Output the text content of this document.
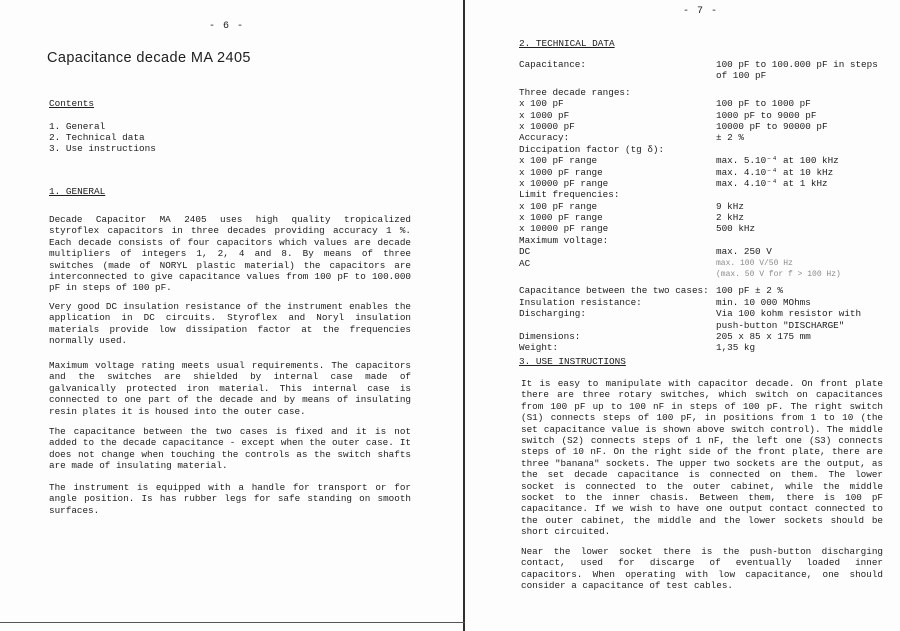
- 6 -
Capacitance decade MA 2405
Contents
1. General
2. Technical data
3. Use instructions
1. GENERAL

Decade Capacitor MA 2405 uses high quality tropicalized styroflex capacitors in three decades providing accuracy 1 %. Each decade consists of four capacitors which values are decade multipliers of integers 1, 2, 4 and 8. By means of three switches (made of NORYL plastic material) the capacitors are interconnected to give capacitance values from 100 pF to 100.000 pF in steps of 100 pF.

Very good DC insulation resistance of the instrument enables the application in DC circuits. Styroflex and Noryl insulation materials provide low dissipation factor at the frequencies normally used.

Maximum voltage rating meets usual requirements. The capacitors and the switches are shielded by internal case made of galvanically protected iron material. This internal case is connected to one part of the decade and by means of insulating resin plates it is housed into the outer case.

The capacitance between the two cases is fixed and it is not added to the decade capacitance - except when the outer case. It does not change when touching the controls as the switch shafts are made of insulating material.

The instrument is equipped with a handle for transport or for angle position. Is has rubber legs for safe standing on smooth surfaces.

- 7 -
2. TECHNICAL DATA
Capacitance:	100 pF to 100.000 pF in steps
of 100 pF
Three decade ranges:
x 100 pF	100 pF to 1000 pF
x 1000 pF	1000 pF to 9000 pF
x 10000 pF	10000 pF to 90000 pF
Accuracy:	± 2 %
Diccipation factor (tg δ):
x 100 pF range	max. 5.10⁻⁴ at 100 kHz
x 1000 pF range	max. 4.10⁻⁴ at 10 kHz
x 10000 pF range	max. 4.10⁻⁴ at 1 kHz
Limit frequencies:
x 100 pF range	9 kHz
x 1000 pF range	2 kHz
x 10000 pF range	500 kHz
Maximum voltage:
DC	max. 250 V
AC	max. 100 V/50 Hz
(max. 50 V for f > 100 Hz)
Capacitance between the two cases: 100 pF ± 2 %
Insulation resistance:	min. 10 000 MOhms
Discharging:	Via 100 kohm resistor with
push-button "DISCHARGE"
Dimensions:	205 x 85 x 175 mm
Weight:	1,35 kg
3. USE INSTRUCTIONS

It is easy to manipulate with capacitor decade. On front plate there are three rotary switches, which switch on capacitances from 100 pF up to 100 nF in steps of 100 pF. The right switch (S1) connects steps of 100 pF, in positions from 1 to 10 (the set capacitance value is shown above switch control). The middle switch (S2) connects steps of 1 nF, the left one (S3) connects steps of 10 nF. On the right side of the front plate, there are three "banana" sockets. The upper two sockets are the output, as the set decade capacitance is connected on them. The lower socket is connected to the outer cabinet, while the middle socket to the inner chasis. Between them, there is 100 pF capacitance. If we wish to have one output contact connected to the outer cabinet, the middle and the lower sockets should be short circuited.

Near the lower socket there is the push-button discharging contact, used for discarge of eventually loaded inner capacitors. When operating with low capacitance, one should consider a capacitance of test cables.
